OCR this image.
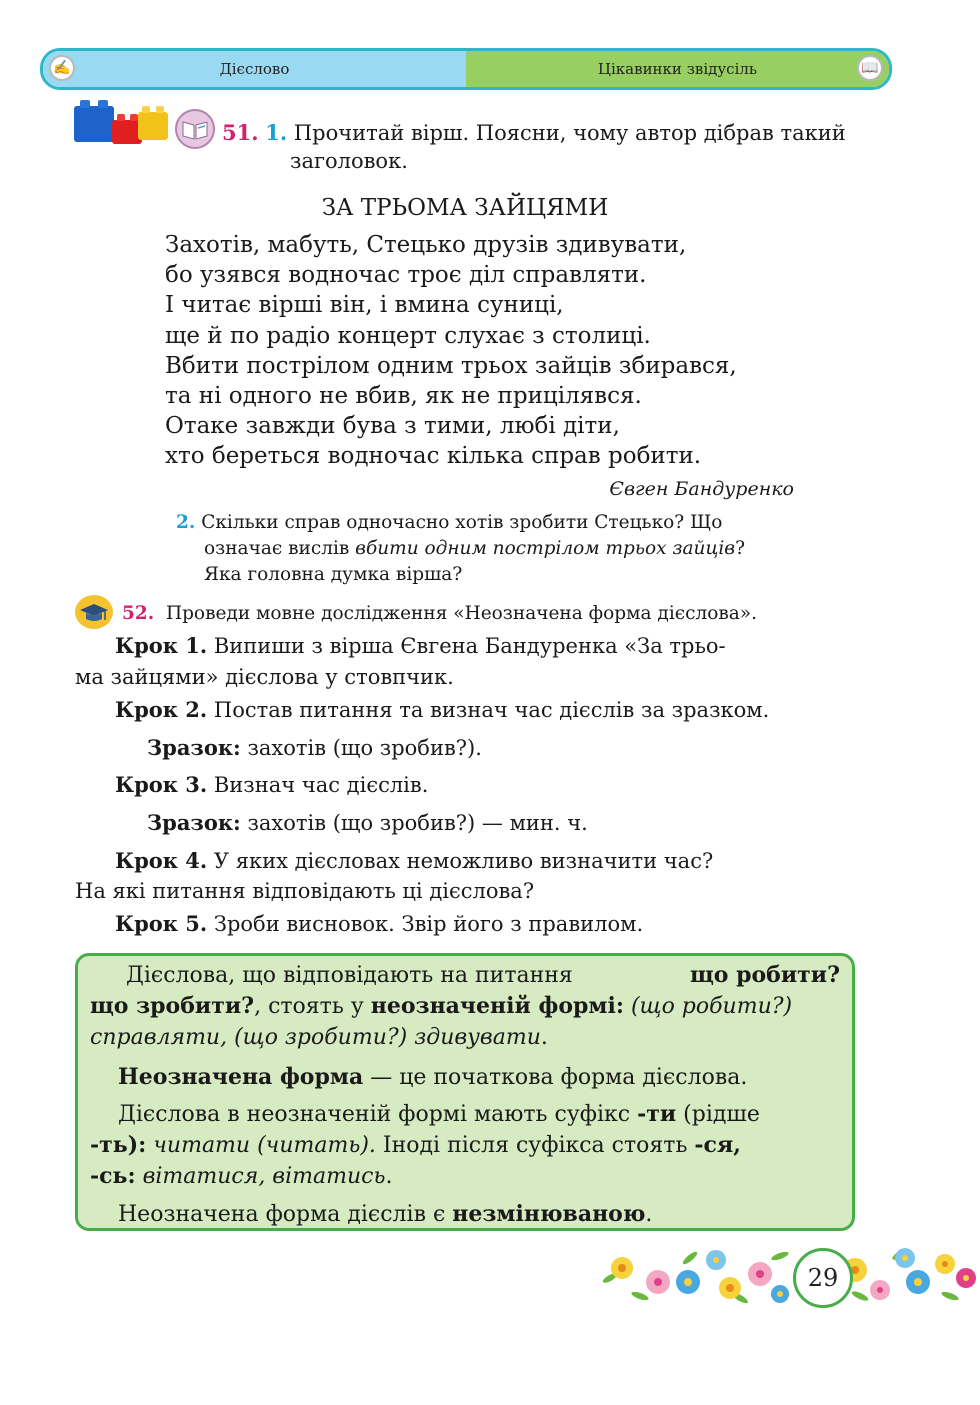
✍	Дієслово	Цікавинки звідусіль	📖
51. 1. Прочитай вірш. Поясни, чому автор дібрав такий
заголовок.
ЗА ТРЬОМА ЗАЙЦЯМИ
Захотів, мабуть, Стецько друзів здивувати,
бо узявся водночас троє діл справляти.
І читає вірші він, і вмина суниці,
ще й по радіо концерт слухає з столиці.
Вбити пострілом одним трьох зайців збирався,
та ні одного не вбив, як не прицілявся.
Отаке завжди бува з тими, любі діти,
хто береться водночас кілька справ робити.
Євген Бандуренко
2. Скільки справ одночасно хотів зробити Стецько? Що
означає вислів вбити одним пострілом трьох зайців?
Яка головна думка вірша?
52. Проведи мовне дослідження «Неозначена форма дієслова».
Крок 1. Випиши з вірша Євгена Бандуренка «За трьо-
ма зайцями» дієслова у стовпчик.
Крок 2. Постав питання та визнач час дієслів за зразком.
Зразок: захотів (що зробив?).
Крок 3. Визнач час дієслів.
Зразок: захотів (що зробив?) — мин. ч.
Крок 4. У яких дієсловах неможливо визначити час?
На які питання відповідають ці дієслова?
Крок 5. Зроби висновок. Звір його з правилом.
Дієслова, що відповідають на питання	що робити?
що зробити?, стоять у неозначеній формі: (що робити?)
справляти, (що зробити?) здивувати.
Неозначена форма — це початкова форма дієслова.
Дієслова в неозначеній формі мають суфікс -ти (рідше
-ть): читати (читать). Іноді після суфікса стоять -ся,
-сь: вітатися, вітатись.
Неозначена форма дієслів є незмінюваною.
29
